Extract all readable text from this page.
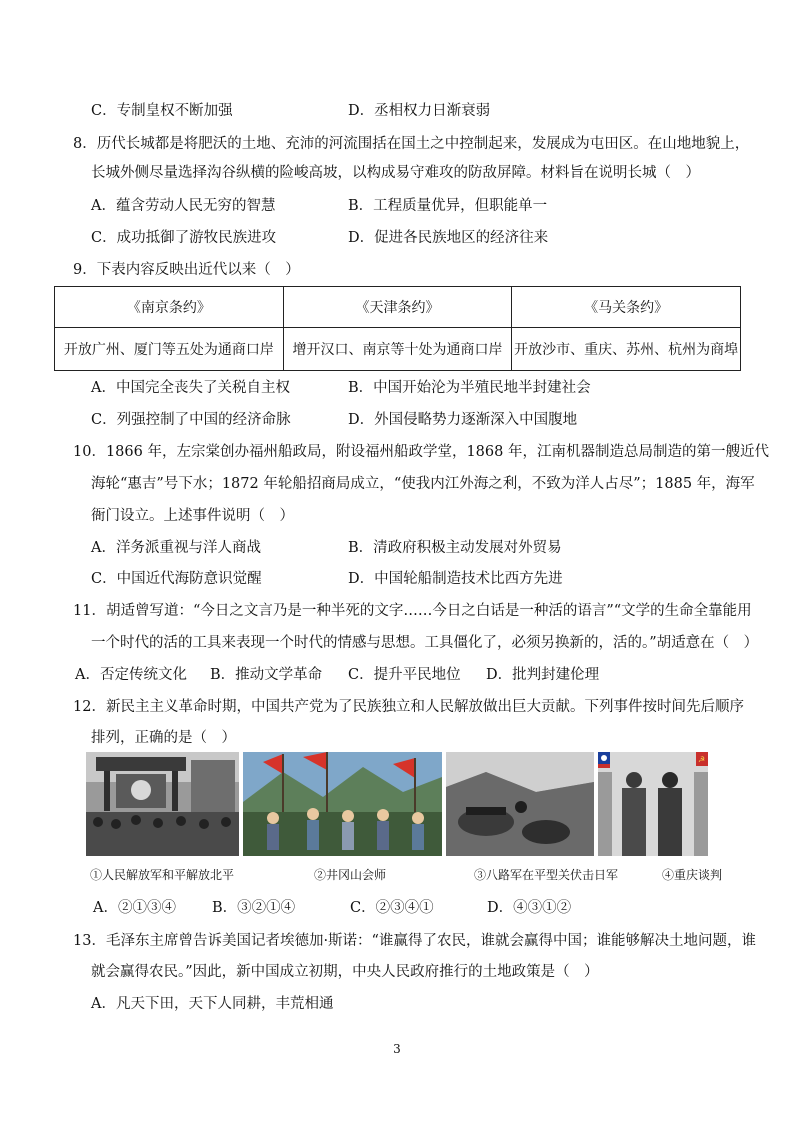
C．专制皇权不断加强	D．丞相权力日渐衰弱
8．历代长城都是将肥沃的土地、充沛的河流围括在国土之中控制起来，发展成为屯田区。在山地地貌上，
长城外侧尽量选择沟谷纵横的险峻高坡，以构成易守难攻的防敌屏障。材料旨在说明长城（　）
A．蕴含劳动人民无穷的智慧	B．工程质量优异，但职能单一
C．成功抵御了游牧民族进攻	D．促进各民族地区的经济往来
9．下表内容反映出近代以来（　）
《南京条约》	《天津条约》	《马关条约》
开放广州、厦门等五处为通商口岸	增开汉口、南京等十处为通商口岸	开放沙市、重庆、苏州、杭州为商埠
A．中国完全丧失了关税自主权	B．中国开始沦为半殖民地半封建社会
C．列强控制了中国的经济命脉	D．外国侵略势力逐渐深入中国腹地
10．1866 年，左宗棠创办福州船政局，附设福州船政学堂，1868 年，江南机器制造总局制造的第一艘近代
海轮“惠吉”号下水；1872 年轮船招商局成立，“使我内江外海之利，不致为洋人占尽”；1885 年，海军
衙门设立。上述事件说明（　）
A．洋务派重视与洋人商战	B．清政府积极主动发展对外贸易
C．中国近代海防意识觉醒	D．中国轮船制造技术比西方先进
11．胡适曾写道：“今日之文言乃是一种半死的文字……今日之白话是一种活的语言”“文学的生命全靠能用
一个时代的活的工具来表现一个时代的情感与思想。工具僵化了，必须另换新的，活的。”胡适意在（　）
A．否定传统文化 B．推动文学革命 C．提升平民地位 D．批判封建伦理
12．新民主主义革命时期，中国共产党为了民族独立和人民解放做出巨大贡献。下列事件按时间先后顺序
排列，正确的是（　）
☭
①人民解放军和平解放北平	②井冈山会师	③八路军在平型关伏击日军	④重庆谈判
A．②①③④ B．③②①④	C．②③④①	D．④③①②
13．毛泽东主席曾告诉美国记者埃德加·斯诺：“谁赢得了农民，谁就会赢得中国；谁能够解决土地问题，谁
就会赢得农民。”因此，新中国成立初期，中央人民政府推行的土地政策是（　）
A．凡天下田，天下人同耕，丰荒相通
3
